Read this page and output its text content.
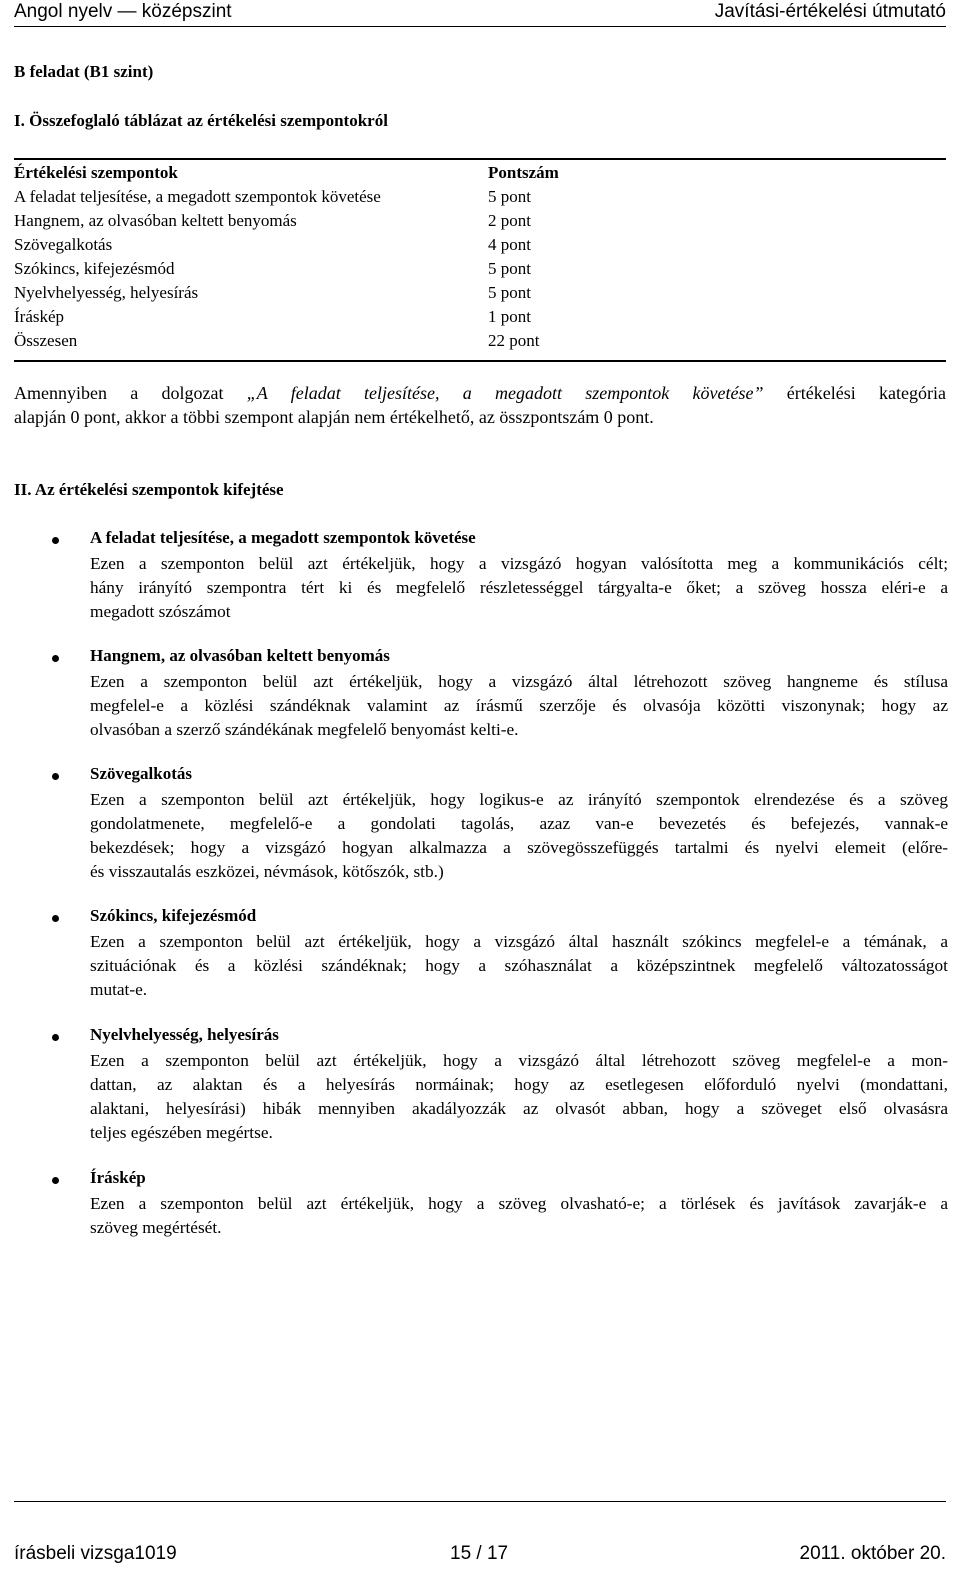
Angol nyelv — középszint	Javítási-értékelési útmutató
B feladat (B1 szint)
I. Összefoglaló táblázat az értékelési szempontokról
Értékelési szempontok	Pontszám
A feladat teljesítése, a megadott szempontok követése	5 pont
Hangnem, az olvasóban keltett benyomás	2 pont
Szövegalkotás	4 pont
Szókincs, kifejezésmód	5 pont
Nyelvhelyesség, helyesírás	5 pont
Íráskép	1 pont
Összesen	22 pont
Amennyiben a dolgozat „A feladat teljesítése, a megadott szempontok követése” értékelési kategória
alapján 0 pont, akkor a többi szempont alapján nem értékelhető, az összpontszám 0 pont.
II. Az értékelési szempontok kifejtése
A feladat teljesítése, a megadott szempontok követése
Ezen a szemponton belül azt értékeljük, hogy a vizsgázó hogyan valósította meg a kommunikációs célt;
hány irányító szempontra tért ki és megfelelő részletességgel tárgyalta-e őket; a szöveg hossza eléri-e a
megadott szószámot
Hangnem, az olvasóban keltett benyomás
Ezen a szemponton belül azt értékeljük, hogy a vizsgázó által létrehozott szöveg hangneme és stílusa
megfelel-e a közlési szándéknak valamint az írásmű szerzője és olvasója közötti viszonynak; hogy az
olvasóban a szerző szándékának megfelelő benyomást kelti-e.
Szövegalkotás
Ezen a szemponton belül azt értékeljük, hogy logikus-e az irányító szempontok elrendezése és a szöveg
gondolatmenete, megfelelő-e a gondolati tagolás, azaz van-e bevezetés és befejezés, vannak-e
bekezdések; hogy a vizsgázó hogyan alkalmazza a szövegösszefüggés tartalmi és nyelvi elemeit (előre-
és visszautalás eszközei, névmások, kötőszók, stb.)
Szókincs, kifejezésmód
Ezen a szemponton belül azt értékeljük, hogy a vizsgázó által használt szókincs megfelel-e a témának, a
szituációnak és a közlési szándéknak; hogy a szóhasználat a középszintnek megfelelő változatosságot
mutat-e.
Nyelvhelyesség, helyesírás
Ezen a szemponton belül azt értékeljük, hogy a vizsgázó által létrehozott szöveg megfelel-e a mon-
dattan, az alaktan és a helyesírás normáinak; hogy az esetlegesen előforduló nyelvi (mondattani,
alaktani, helyesírási) hibák mennyiben akadályozzák az olvasót abban, hogy a szöveget első olvasásra
teljes egészében megértse.
Íráskép
Ezen a szemponton belül azt értékeljük, hogy a szöveg olvasható-e; a törlések és javítások zavarják-e a
szöveg megértését.
írásbeli vizsga1019	15 / 17	2011. október 20.
